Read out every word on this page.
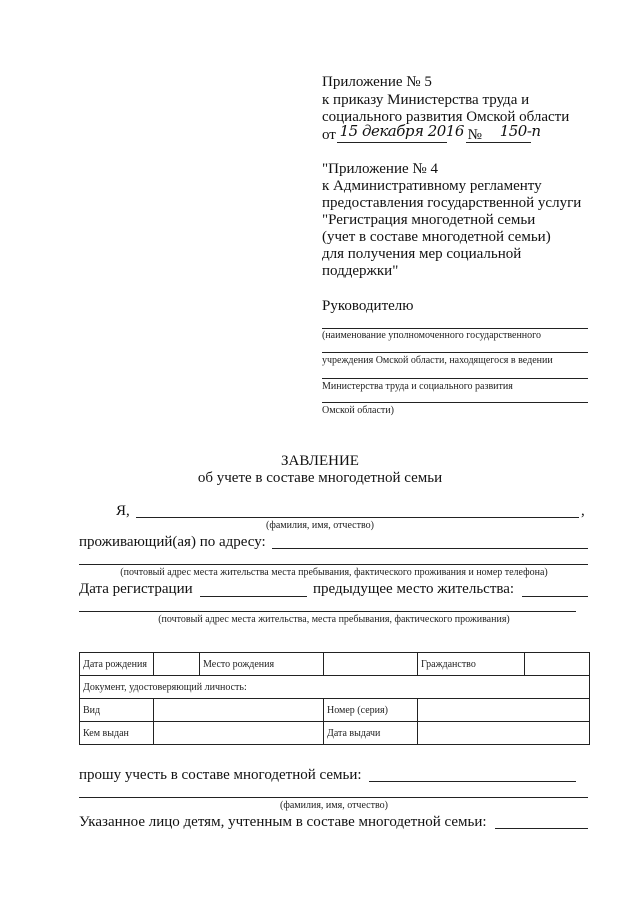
Приложение № 5
к приказу Министерства труда и
социального развития Омской области
от 15 декабря 2016 № 150-п
"Приложение № 4
к Административному регламенту
предоставления государственной услуги
"Регистрация многодетной семьи
(учет в составе многодетной семьи)
для получения мер социальной
поддержки"
Руководителю
(наименование уполномоченного государственного
учреждения Омской области, находящегося в ведении
Министерства труда и социального развития
Омской области)
ЗАВЛЕНИЕ
об учете в составе многодетной семьи
Я,	,
(фамилия, имя, отчество)
проживающий(ая) по адресу:
(почтовый адрес места жительства места пребывания, фактического проживания и номер телефона)
Дата регистрации	предыдущее место жительства:
(почтовый адрес места жительства, места пребывания, фактического проживания)
Дата рождения		Место рождения		Гражданство	
Документ, удостоверяющий личность:					
Вид			Номер (серия)		
Кем выдан			Дата выдачи		
прошу учесть в составе многодетной семьи:
(фамилия, имя, отчество)
Указанное лицо детям, учтенным в составе многодетной семьи:
